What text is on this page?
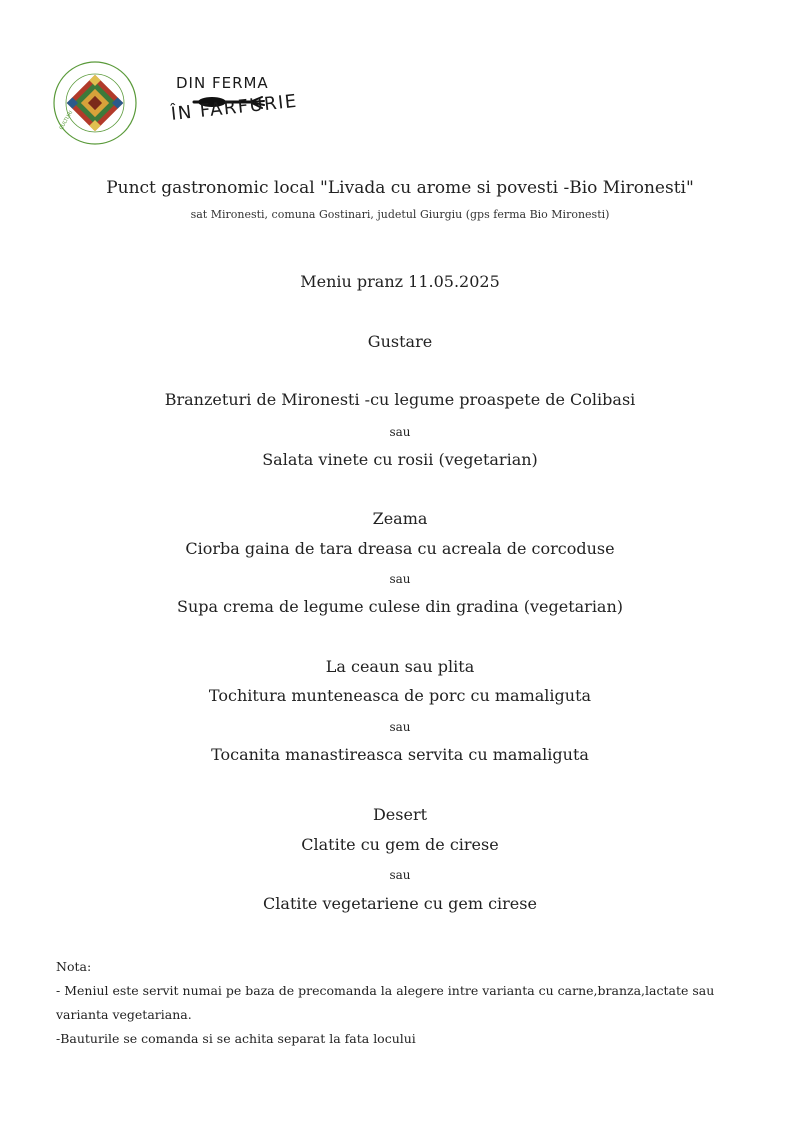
CULTURI
DIN FERMA
ÎN FARFURIE
Punct gastronomic local "Livada cu arome si povesti -Bio Mironesti"
sat Mironesti, comuna Gostinari, judetul Giurgiu (gps ferma Bio Mironesti)
Meniu pranz 11.05.2025
Gustare
Branzeturi de Mironesti -cu legume proaspete de Colibasi
sau
Salata vinete cu rosii (vegetarian)
Zeama
Ciorba gaina de tara dreasa cu acreala de corcoduse
sau
Supa crema de legume culese din gradina (vegetarian)
La ceaun sau plita
Tochitura munteneasca de porc cu mamaliguta
sau
Tocanita manastireasca servita cu mamaliguta
Desert
Clatite cu gem de cirese
sau
Clatite vegetariene cu gem cirese
Nota:
- Meniul este servit numai pe baza de precomanda la alegere intre varianta cu carne,branza,lactate sau
varianta vegetariana.
-Bauturile se comanda si se achita separat la fata locului
